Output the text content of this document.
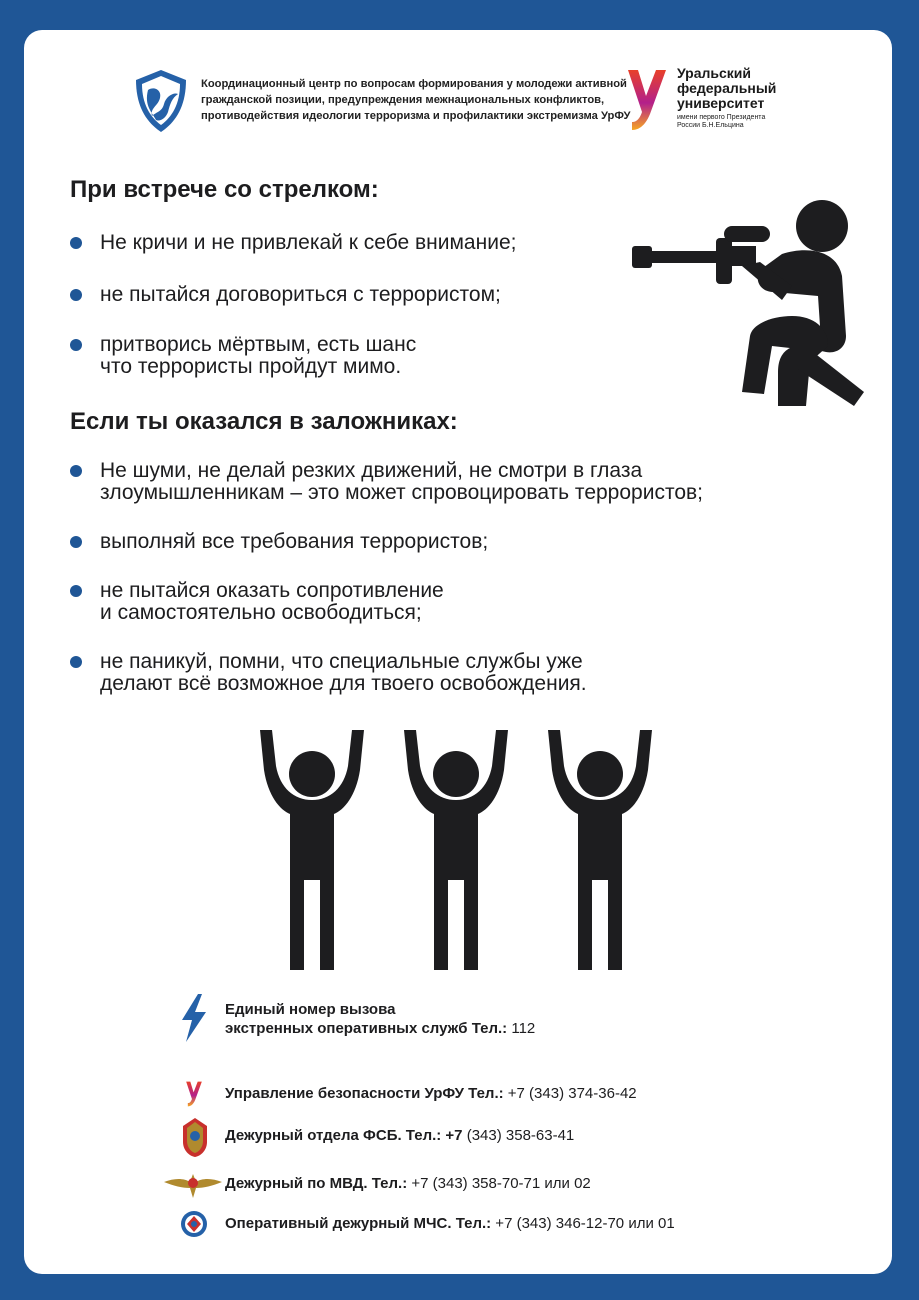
Координационный центр по вопросам формирования у молодежи активной
гражданской позиции, предупреждения межнациональных конфликтов,
противодействия идеологии терроризма и профилактики экстремизма УрФУ
Уральский
федеральный
университет
имени первого Президента
России Б.Н.Ельцина
При встрече со стрелком:
Не кричи и не привлекай к себе внимание;
не пытайся договориться с террористом;
притворись мёртвым, есть шанс
что террористы пройдут мимо.
Если ты оказался в заложниках:
Не шуми, не делай резких движений, не смотри в глаза
злоумышленникам – это может спровоцировать террористов;
выполняй все требования террористов;
не пытайся оказать сопротивление
и самостоятельно освободиться;
не паникуй, помни, что специальные службы уже
делают всё возможное для твоего освобождения.
Единый номер вызова
экстренных оперативных служб Тел.: 112
Управление безопасности УрФУ Тел.: +7 (343) 374-36-42
Дежурный отдела ФСБ. Тел.: +7 (343) 358-63-41
Дежурный по МВД. Тел.: +7 (343) 358-70-71 или 02
Оперативный дежурный МЧС. Тел.: +7 (343) 346-12-70 или 01
